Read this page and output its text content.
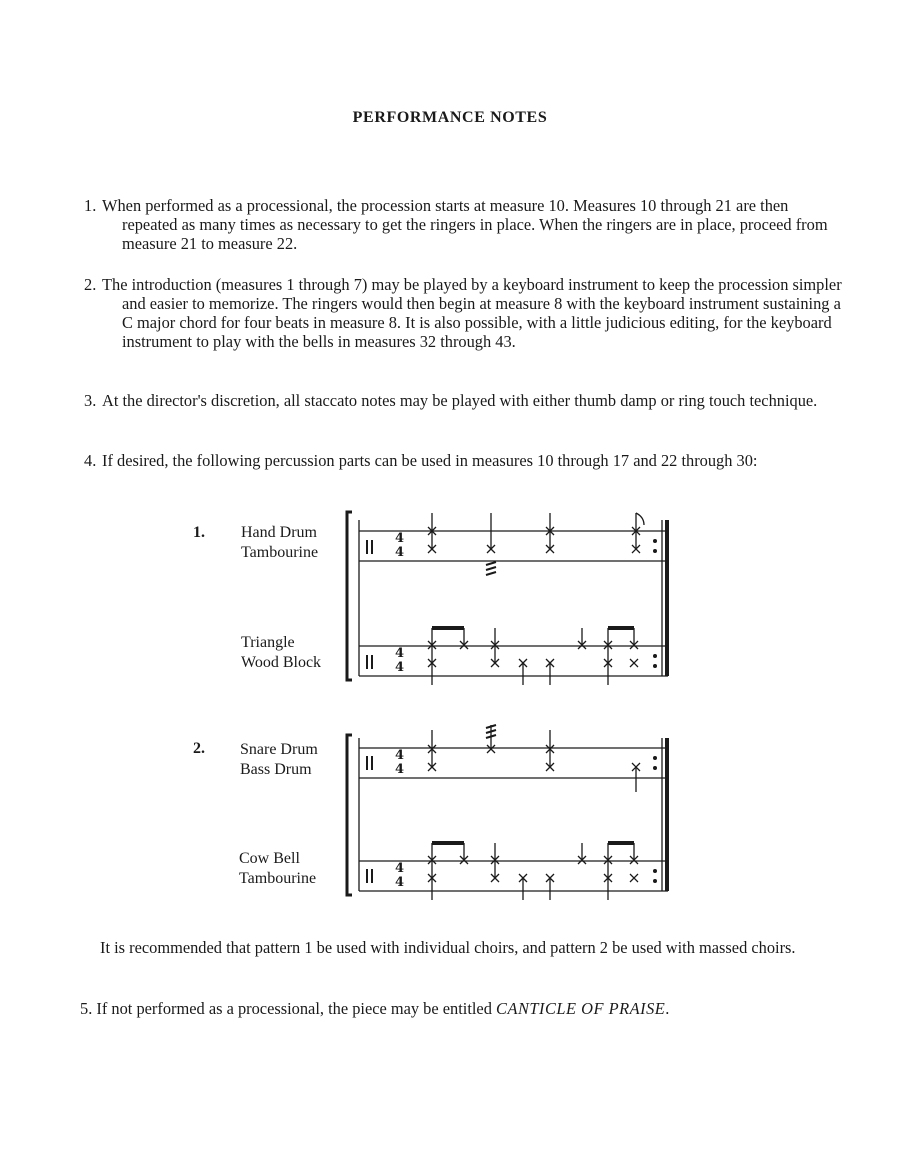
PERFORMANCE NOTES
1. When performed as a processional, the procession starts at measure 10. Measures 10 through 21 are then repeated as many times as necessary to get the ringers in place. When the ringers are in place, proceed from measure 21 to measure 22.
2. The introduction (measures 1 through 7) may be played by a keyboard instrument to keep the procession simpler and easier to memorize. The ringers would then begin at measure 8 with the keyboard instrument sustaining a C major chord for four beats in measure 8. It is also possible, with a little judicious editing, for the keyboard instrument to play with the bells in measures 32 through 43.
3. At the director's discretion, all staccato notes may be played with either thumb damp or ring touch technique.
4. If desired, the following percussion parts can be used in measures 10 through 17 and 22 through 30:
1. Hand Drum
Tambourine
Triangle
Wood Block
2. Snare Drum
Bass Drum
Cow Bell
Tambourine
4
4
4
4
4
4
4
4
It is recommended that pattern 1 be used with individual choirs, and pattern 2 be used with massed choirs.
5. If not performed as a processional, the piece may be entitled CANTICLE OF PRAISE.
